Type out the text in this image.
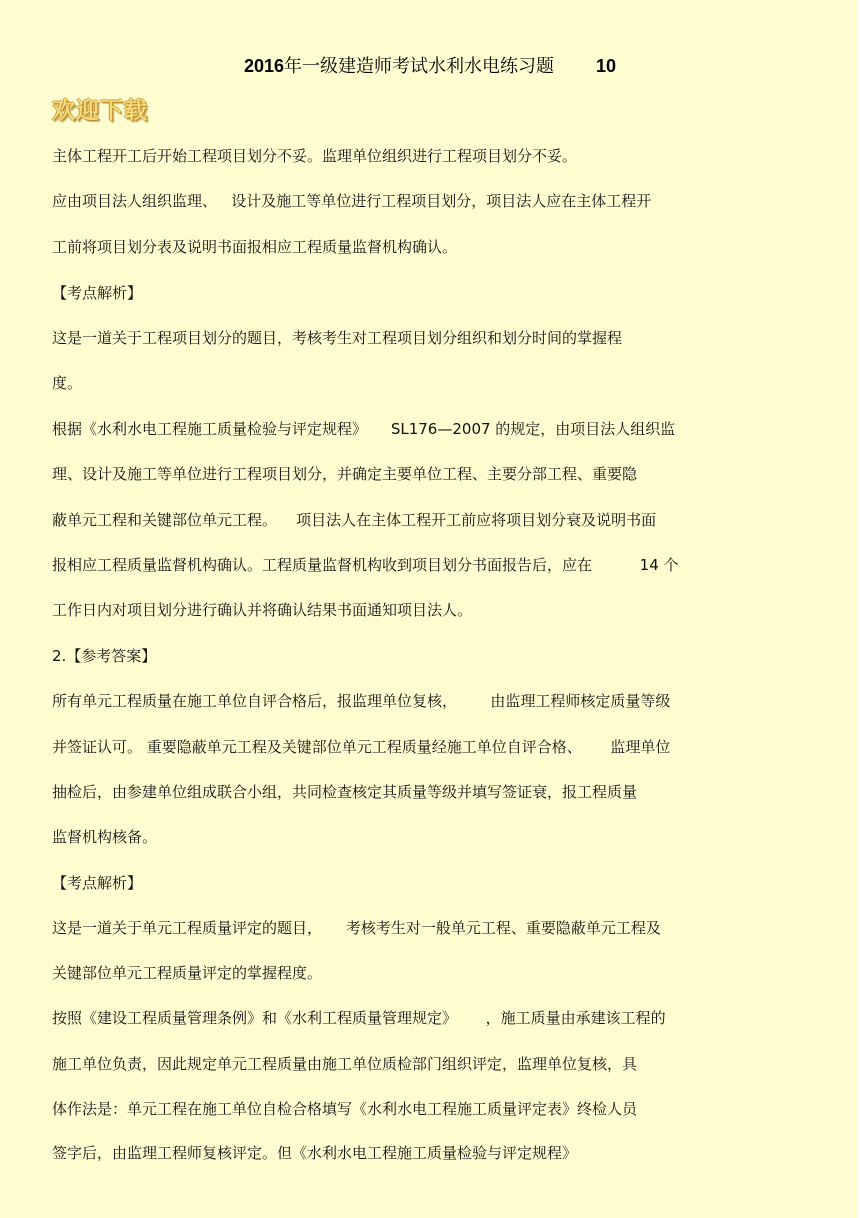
2016年一级建造师考试水利水电练习题 10
欢迎下载

主体工程开工后开始工程项目划分不妥。监理单位组织进行工程项目划分不妥。

应由项目法人组织监理、   设计及施工等单位进行工程项目划分，项目法人应在主体工程开

工前将项目划分表及说明书面报相应工程质量监督机构确认。

【考点解析】

这是一道关于工程项目划分的题目，考核考生对工程项目划分组织和划分时间的掌握程

度。

根据《水利水电工程施工质量检验与评定规程》     SL176—2007 的规定，由项目法人组织监

理、设计及施工等单位进行工程项目划分，并确定主要单位工程、主要分部工程、重要隐

蔽单元工程和关键部位单元工程。    项目法人在主体工程开工前应将项目划分衰及说明书面

报相应工程质量监督机构确认。工程质量监督机构收到项目划分书面报告后，应在          14 个

工作日内对项目划分进行确认并将确认结果书面通知项目法人。

2.【参考答案】

所有单元工程质量在施工单位自评合格后，报监理单位复核，       由监理工程师核定质量等级

并签证认可。 重要隐蔽单元工程及关键部位单元工程质量经施工单位自评合格、      监理单位

抽检后，由参建单位组成联合小组，共同检查核定其质量等级并填写签证衰，报工程质量

监督机构核备。

【考点解析】

这是一道关于单元工程质量评定的题目，     考核考生对一般单元工程、重要隐蔽单元工程及

关键部位单元工程质量评定的掌握程度。

按照《建设工程质量管理条例》和《水利工程质量管理规定》      ，施工质量由承建该工程的

施工单位负责，因此规定单元工程质量由施工单位质检部门组织评定，监理单位复核，具

体作法是：单元工程在施工单位自检合格填写《水利水电工程施工质量评定表》终检人员

签字后，由监理工程师复核评定。但《水利水电工程施工质量检验与评定规程》
